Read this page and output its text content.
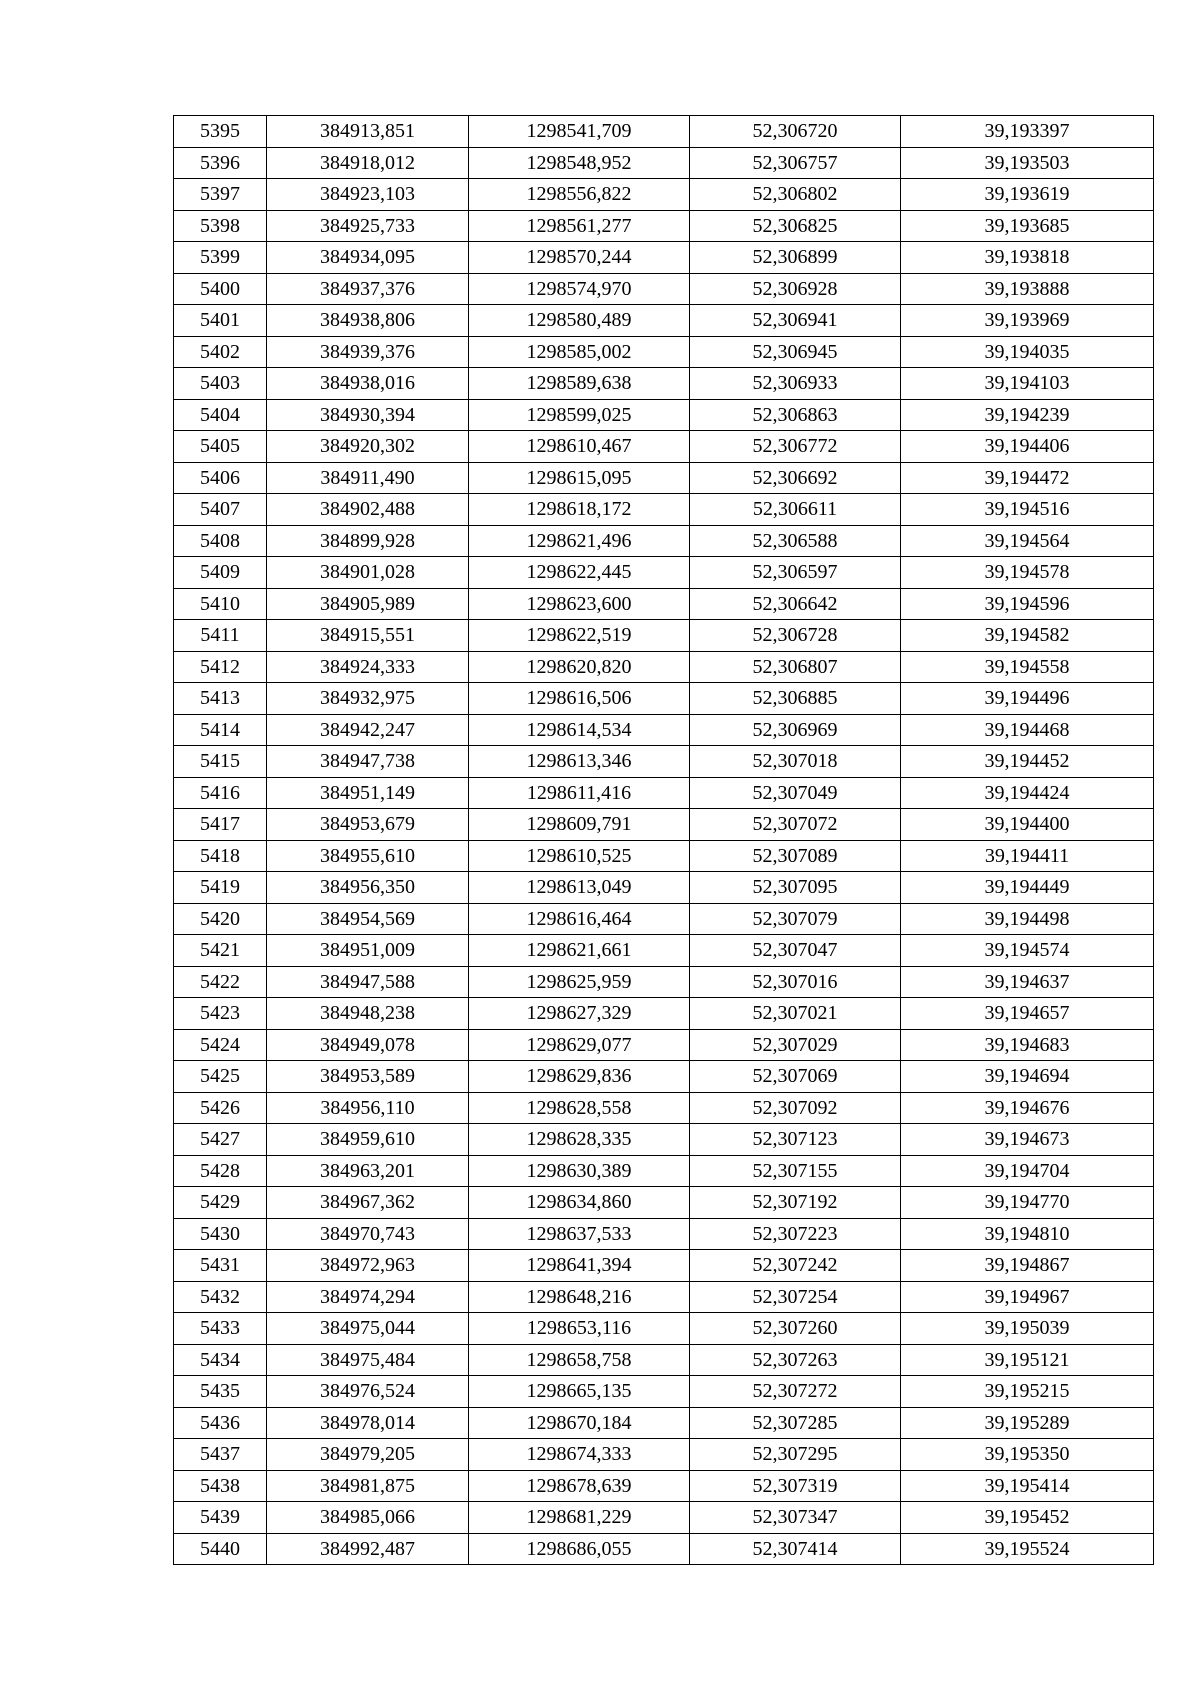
5395	384913,851	1298541,709	52,306720	39,193397
5396	384918,012	1298548,952	52,306757	39,193503
5397	384923,103	1298556,822	52,306802	39,193619
5398	384925,733	1298561,277	52,306825	39,193685
5399	384934,095	1298570,244	52,306899	39,193818
5400	384937,376	1298574,970	52,306928	39,193888
5401	384938,806	1298580,489	52,306941	39,193969
5402	384939,376	1298585,002	52,306945	39,194035
5403	384938,016	1298589,638	52,306933	39,194103
5404	384930,394	1298599,025	52,306863	39,194239
5405	384920,302	1298610,467	52,306772	39,194406
5406	384911,490	1298615,095	52,306692	39,194472
5407	384902,488	1298618,172	52,306611	39,194516
5408	384899,928	1298621,496	52,306588	39,194564
5409	384901,028	1298622,445	52,306597	39,194578
5410	384905,989	1298623,600	52,306642	39,194596
5411	384915,551	1298622,519	52,306728	39,194582
5412	384924,333	1298620,820	52,306807	39,194558
5413	384932,975	1298616,506	52,306885	39,194496
5414	384942,247	1298614,534	52,306969	39,194468
5415	384947,738	1298613,346	52,307018	39,194452
5416	384951,149	1298611,416	52,307049	39,194424
5417	384953,679	1298609,791	52,307072	39,194400
5418	384955,610	1298610,525	52,307089	39,194411
5419	384956,350	1298613,049	52,307095	39,194449
5420	384954,569	1298616,464	52,307079	39,194498
5421	384951,009	1298621,661	52,307047	39,194574
5422	384947,588	1298625,959	52,307016	39,194637
5423	384948,238	1298627,329	52,307021	39,194657
5424	384949,078	1298629,077	52,307029	39,194683
5425	384953,589	1298629,836	52,307069	39,194694
5426	384956,110	1298628,558	52,307092	39,194676
5427	384959,610	1298628,335	52,307123	39,194673
5428	384963,201	1298630,389	52,307155	39,194704
5429	384967,362	1298634,860	52,307192	39,194770
5430	384970,743	1298637,533	52,307223	39,194810
5431	384972,963	1298641,394	52,307242	39,194867
5432	384974,294	1298648,216	52,307254	39,194967
5433	384975,044	1298653,116	52,307260	39,195039
5434	384975,484	1298658,758	52,307263	39,195121
5435	384976,524	1298665,135	52,307272	39,195215
5436	384978,014	1298670,184	52,307285	39,195289
5437	384979,205	1298674,333	52,307295	39,195350
5438	384981,875	1298678,639	52,307319	39,195414
5439	384985,066	1298681,229	52,307347	39,195452
5440	384992,487	1298686,055	52,307414	39,195524
